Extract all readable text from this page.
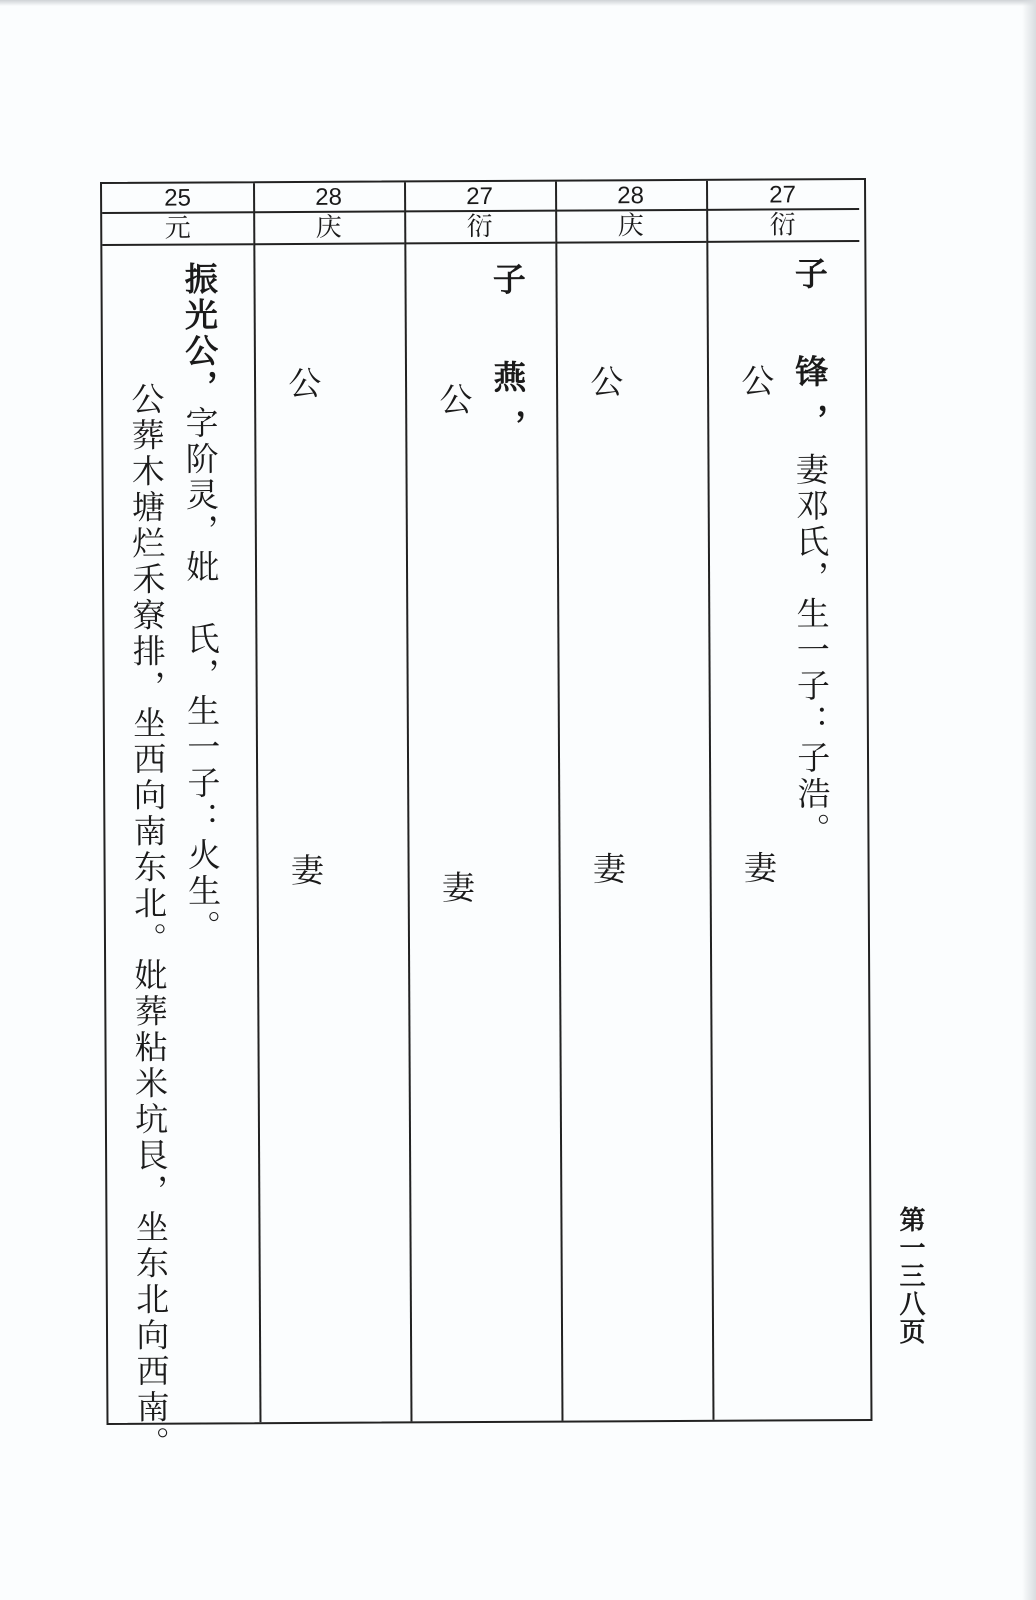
25
元
振光公，字阶灵，妣　氏，生一子：火生。
公葬木塘烂禾寮排，坐西向南东北。妣葬粘米坑艮，坐东北向西南。
28
庆
公
妻
27
衍
子　燕，
公
妻
28
庆
公
妻
27
衍
子　锋，妻邓氏，生一子：子浩。
公
妻
第一三八页
